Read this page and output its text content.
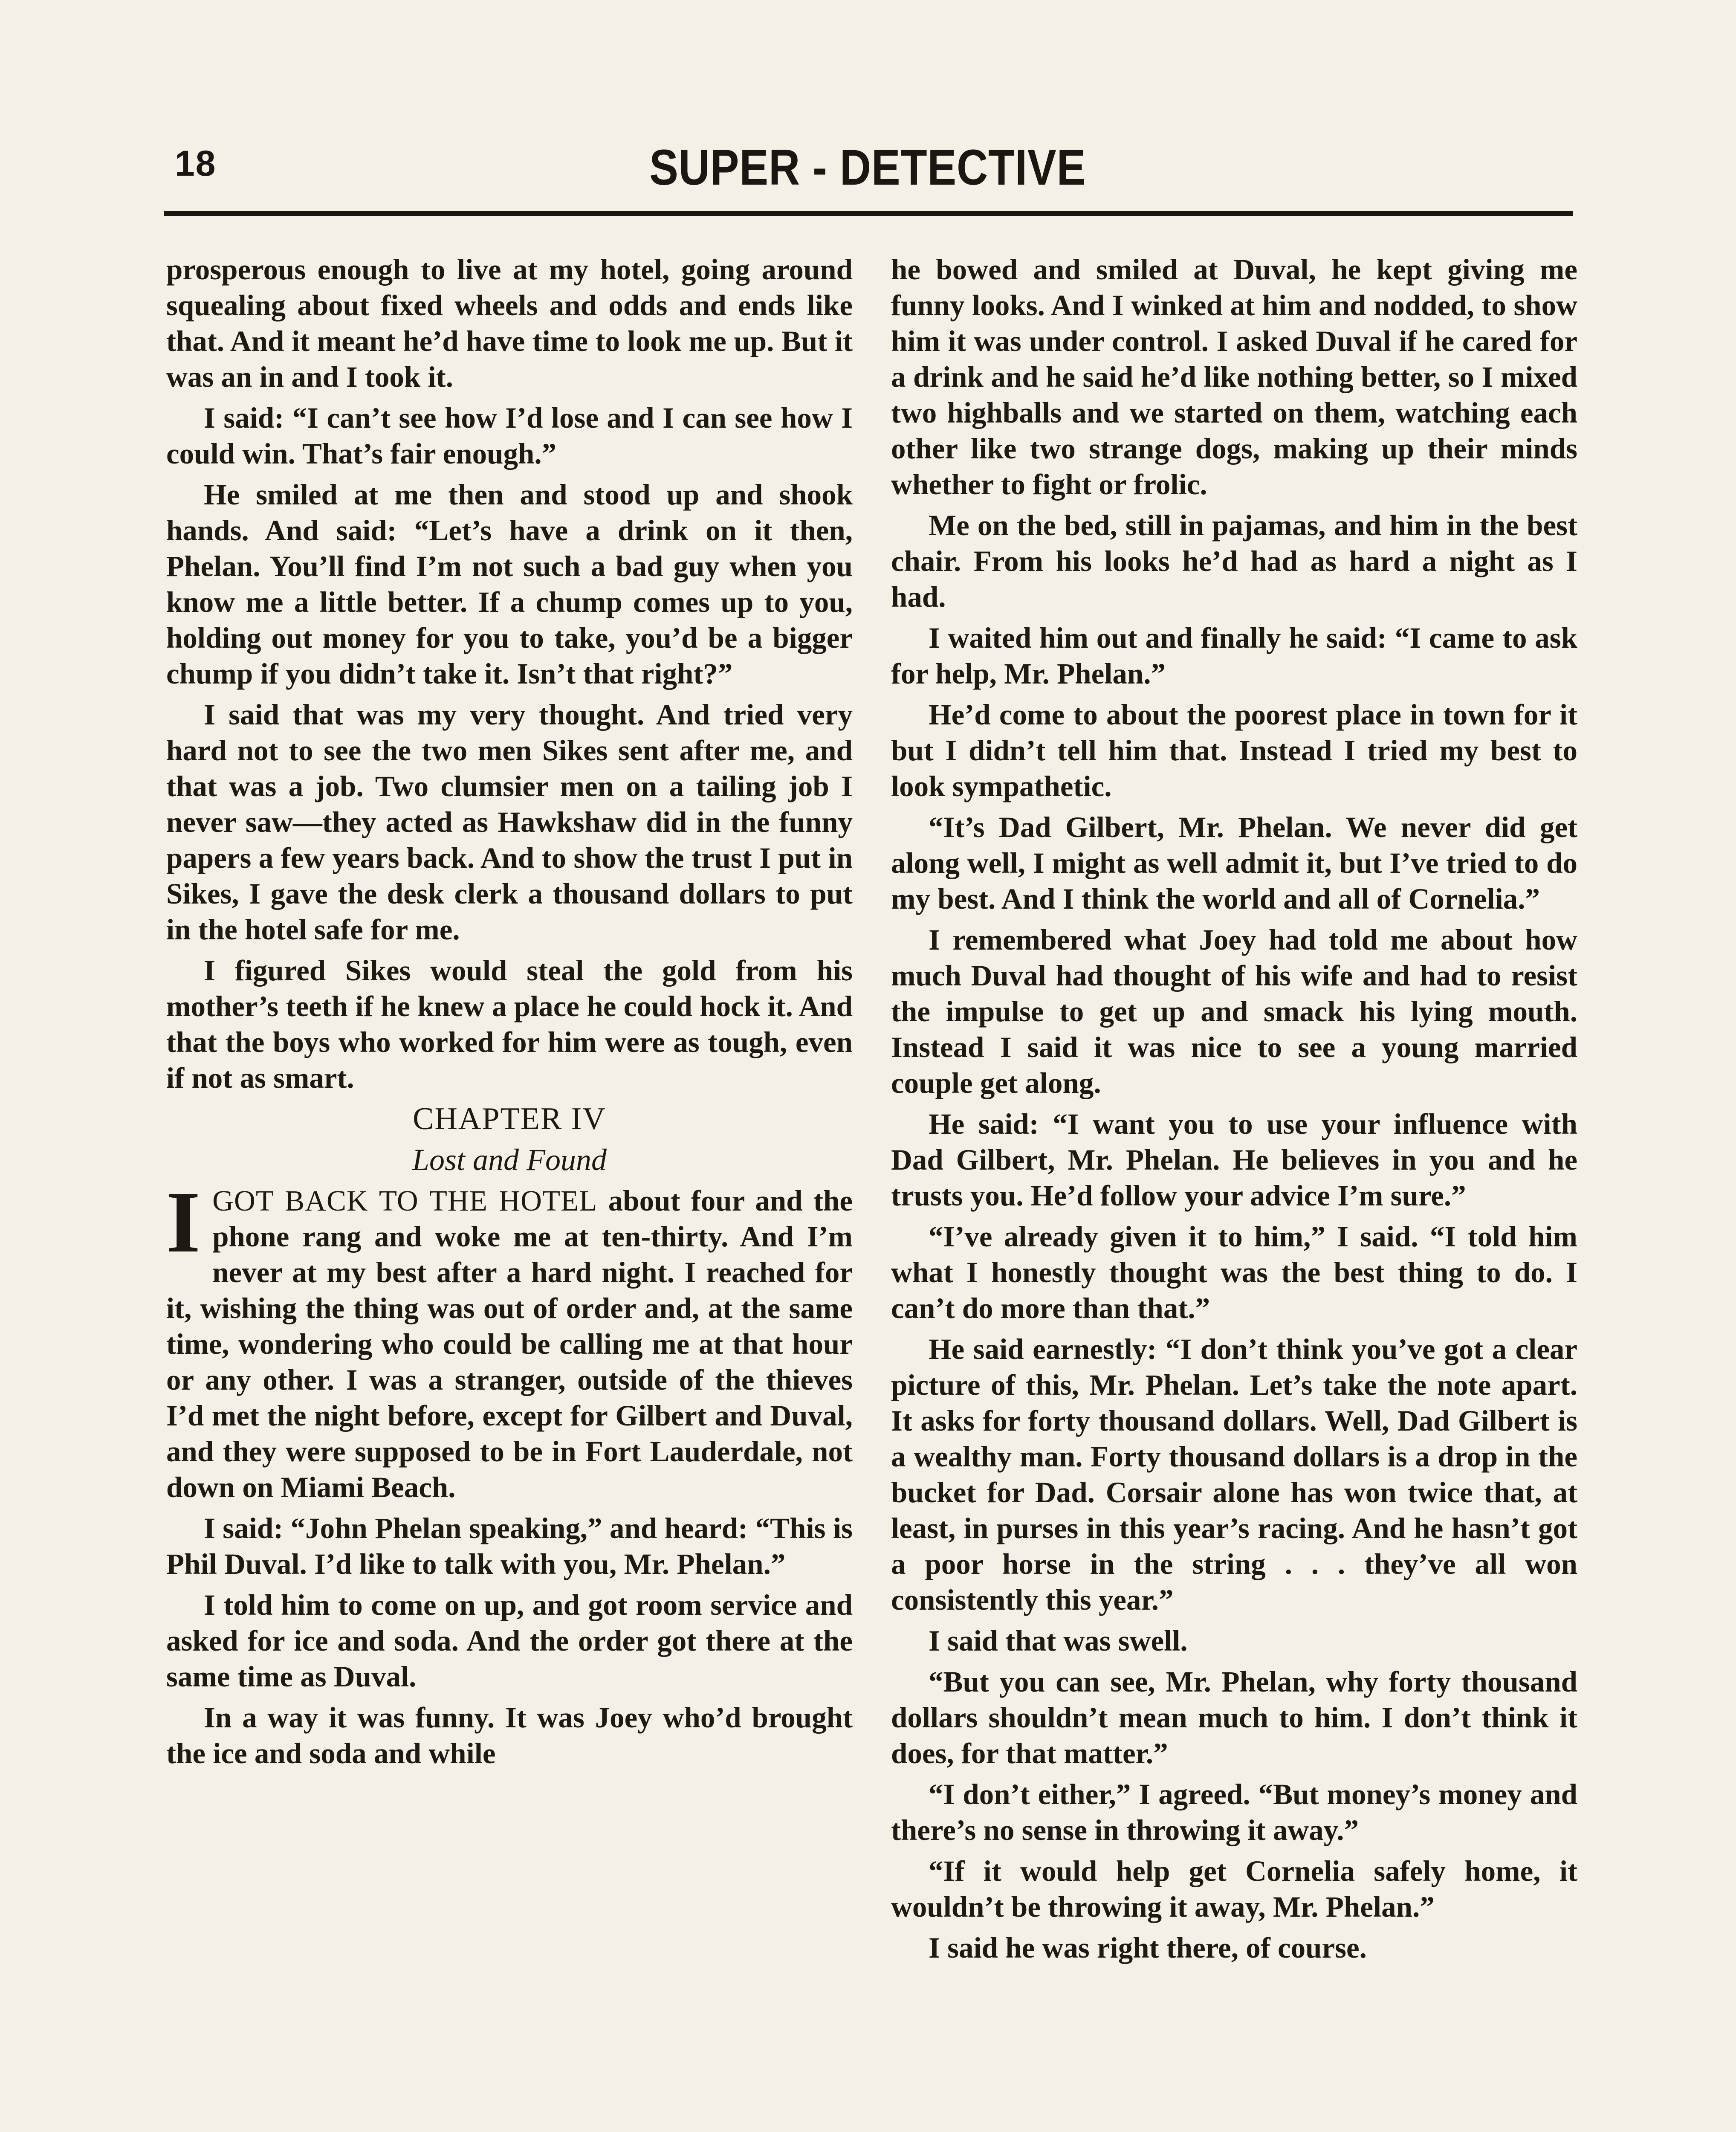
18	SUPER - DETECTIVE

prosperous enough to live at my hotel, going around squealing about fixed wheels and odds and ends like that. And it meant he’d have time to look me up. But it was an in and I took it.

I said: “I can’t see how I’d lose and I can see how I could win. That’s fair enough.”

He smiled at me then and stood up and shook hands. And said: “Let’s have a drink on it then, Phelan. You’ll find I’m not such a bad guy when you know me a little better. If a chump comes up to you, holding out money for you to take, you’d be a bigger chump if you didn’t take it. Isn’t that right?”

I said that was my very thought. And tried very hard not to see the two men Sikes sent after me, and that was a job. Two clumsier men on a tailing job I never saw—they acted as Hawkshaw did in the funny papers a few years back. And to show the trust I put in Sikes, I gave the desk clerk a thousand dollars to put in the hotel safe for me.

I figured Sikes would steal the gold from his mother’s teeth if he knew a place he could hock it. And that the boys who worked for him were as tough, even if not as smart.

CHAPTER IV

Lost and Found

IGOT BACK TO THE HOTEL about four and the phone rang and woke me at ten-thirty. And I’m never at my best after a hard night. I reached for it, wishing the thing was out of order and, at the same time, wondering who could be calling me at that hour or any other. I was a stranger, outside of the thieves I’d met the night before, except for Gilbert and Duval, and they were supposed to be in Fort Lauderdale, not down on Miami Beach.

I said: “John Phelan speaking,” and heard: “This is Phil Duval. I’d like to talk with you, Mr. Phelan.”

I told him to come on up, and got room service and asked for ice and soda. And the order got there at the same time as Duval.

In a way it was funny. It was Joey who’d brought the ice and soda and while

he bowed and smiled at Duval, he kept giving me funny looks. And I winked at him and nodded, to show him it was under control. I asked Duval if he cared for a drink and he said he’d like nothing better, so I mixed two highballs and we started on them, watching each other like two strange dogs, making up their minds whether to fight or frolic.

Me on the bed, still in pajamas, and him in the best chair. From his looks he’d had as hard a night as I had.

I waited him out and finally he said: “I came to ask for help, Mr. Phelan.”

He’d come to about the poorest place in town for it but I didn’t tell him that. Instead I tried my best to look sympathetic.

“It’s Dad Gilbert, Mr. Phelan. We never did get along well, I might as well admit it, but I’ve tried to do my best. And I think the world and all of Cornelia.”

I remembered what Joey had told me about how much Duval had thought of his wife and had to resist the impulse to get up and smack his lying mouth. Instead I said it was nice to see a young married couple get along.

He said: “I want you to use your influence with Dad Gilbert, Mr. Phelan. He believes in you and he trusts you. He’d follow your advice I’m sure.”

“I’ve already given it to him,” I said. “I told him what I honestly thought was the best thing to do. I can’t do more than that.”

He said earnestly: “I don’t think you’ve got a clear picture of this, Mr. Phelan. Let’s take the note apart. It asks for forty thousand dollars. Well, Dad Gilbert is a wealthy man. Forty thousand dollars is a drop in the bucket for Dad. Corsair alone has won twice that, at least, in purses in this year’s racing. And he hasn’t got a poor horse in the string . . . they’ve all won consistently this year.”

I said that was swell.

“But you can see, Mr. Phelan, why forty thousand dollars shouldn’t mean much to him. I don’t think it does, for that matter.”

“I don’t either,” I agreed. “But money’s money and there’s no sense in throwing it away.”

“If it would help get Cornelia safely home, it wouldn’t be throwing it away, Mr. Phelan.”

I said he was right there, of course.
